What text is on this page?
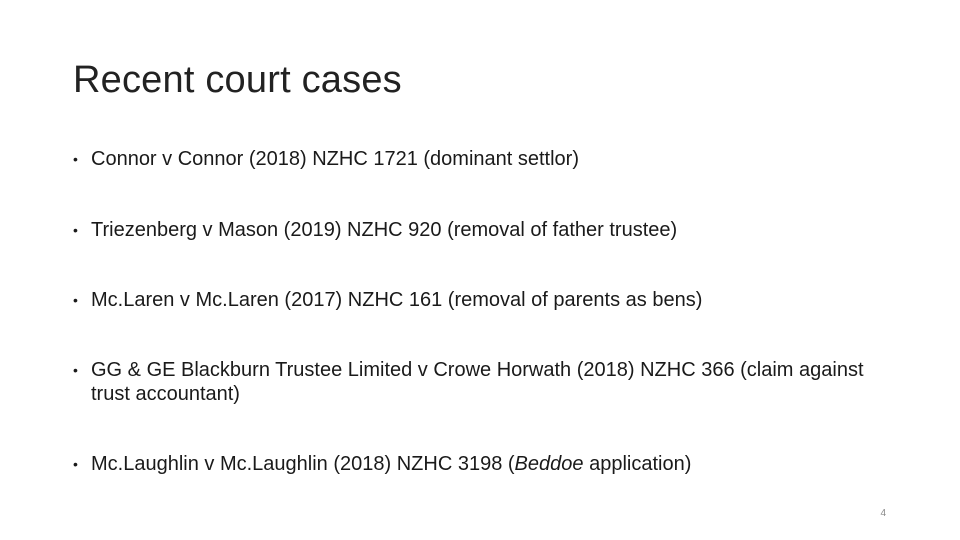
Recent court cases
• Connor v Connor (2018) NZHC 1721 (dominant settlor)
• Triezenberg v Mason (2019) NZHC 920 (removal of father trustee)
• Mc.Laren v Mc.Laren (2017) NZHC 161 (removal of parents as bens)
• GG & GE Blackburn Trustee Limited v Crowe Horwath (2018) NZHC 366 (claim against trust accountant)
• Mc.Laughlin v Mc.Laughlin (2018) NZHC 3198 (Beddoe application)
4
